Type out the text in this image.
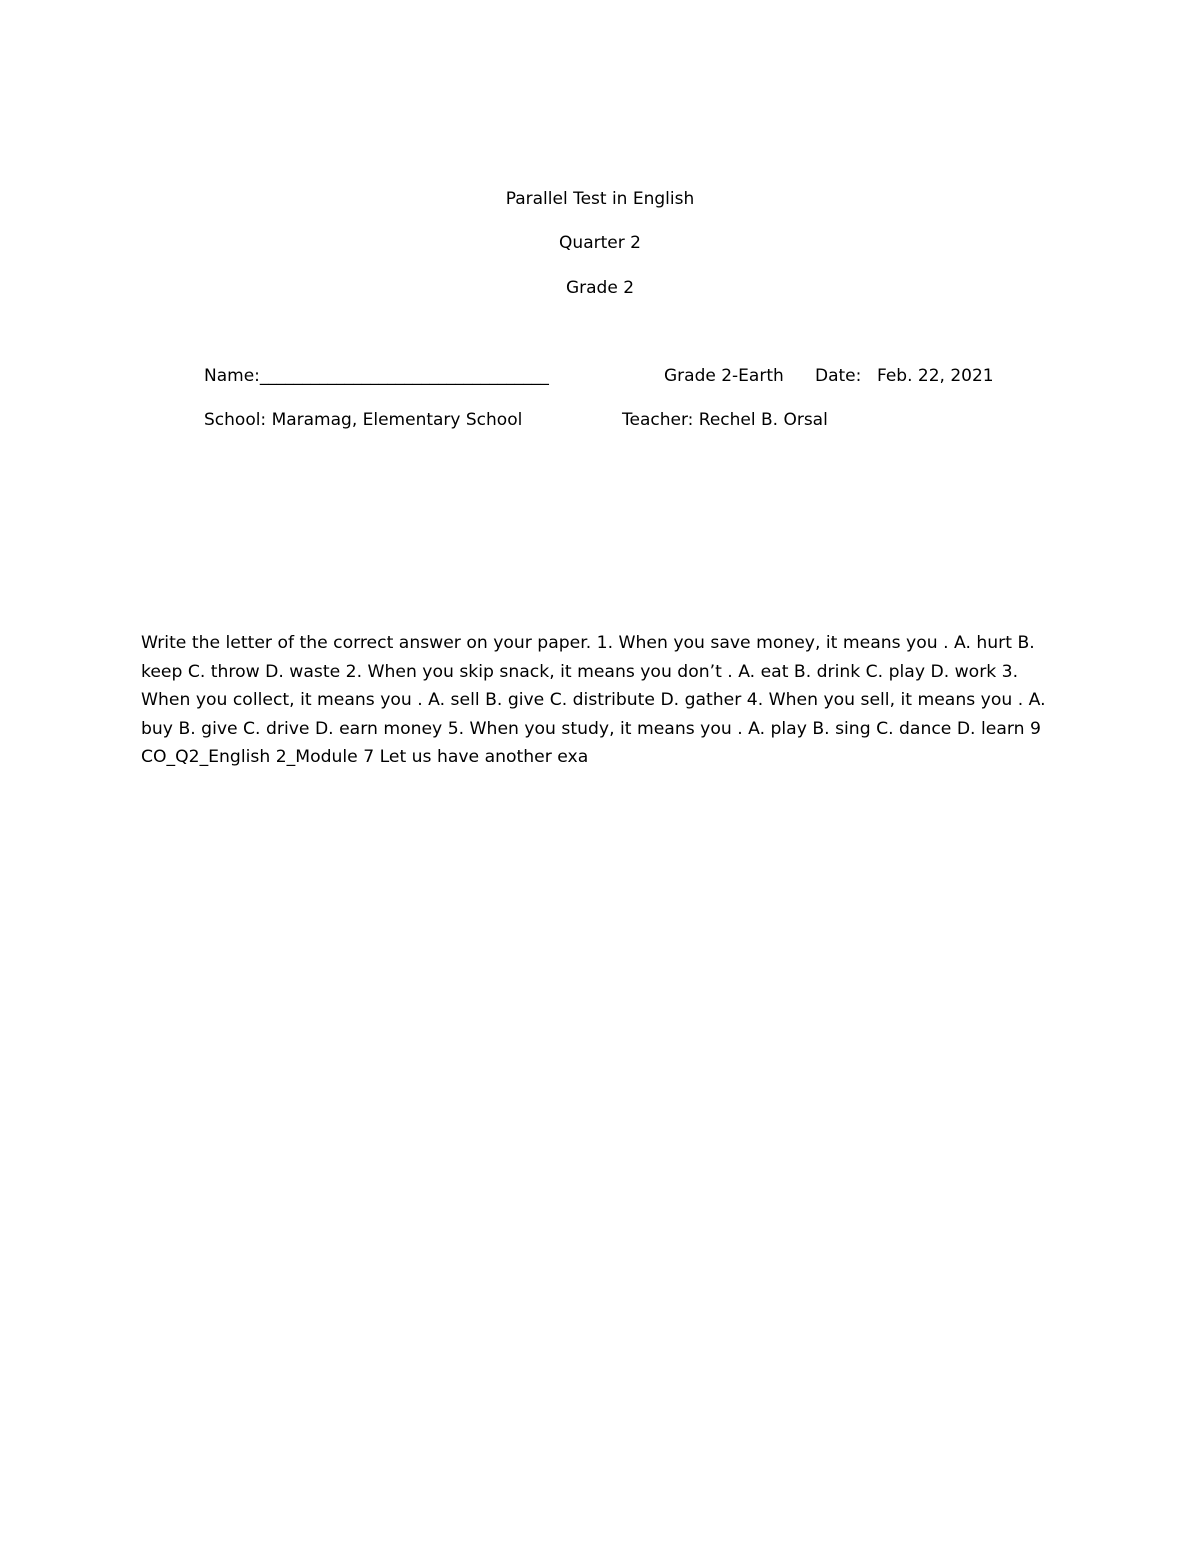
Parallel Test in English
Quarter 2
Grade 2
Name:__________________________________	Grade 2-Earth Date: Feb. 22, 2021
School: Maramag, Elementary School	Teacher: Rechel B. Orsal
Write the letter of the correct answer on your paper. 1. When you save money, it means you . A. hurt B.
keep C. throw D. waste 2. When you skip snack, it means you don’t . A. eat B. drink C. play D. work 3.
When you collect, it means you . A. sell B. give C. distribute D. gather 4. When you sell, it means you . A.
buy B. give C. drive D. earn money 5. When you study, it means you . A. play B. sing C. dance D. learn 9
CO_Q2_English 2_Module 7 Let us have another exa
